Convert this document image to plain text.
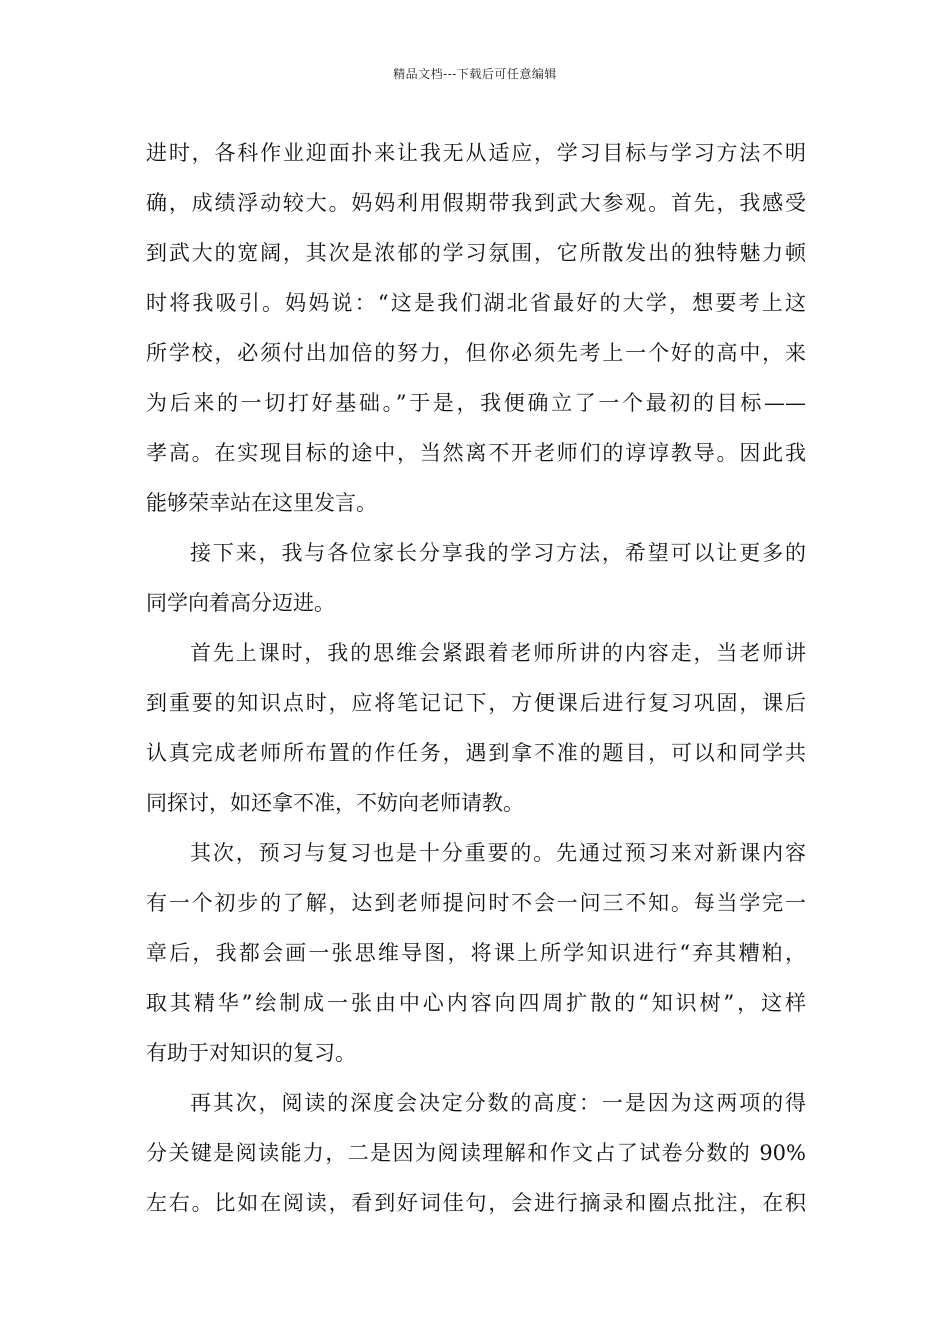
精品文档---下载后可任意编辑
进时，各科作业迎面扑来让我无从适应，学习目标与学习方法不明
确，成绩浮动较大。妈妈利用假期带我到武大参观。首先，我感受
到武大的宽阔，其次是浓郁的学习氛围，它所散发出的独特魅力顿
时将我吸引。妈妈说：“这是我们湖北省最好的大学，想要考上这
所学校，必须付出加倍的努力，但你必须先考上一个好的高中，来
为后来的一切打好基础。”于是，我便确立了一个最初的目标——
孝高。在实现目标的途中，当然离不开老师们的谆谆教导。因此我
能够荣幸站在这里发言。
接下来，我与各位家长分享我的学习方法，希望可以让更多的
同学向着高分迈进。
首先上课时，我的思维会紧跟着老师所讲的内容走，当老师讲
到重要的知识点时，应将笔记记下，方便课后进行复习巩固，课后
认真完成老师所布置的作任务，遇到拿不准的题目，可以和同学共
同探讨，如还拿不准，不妨向老师请教。
其次，预习与复习也是十分重要的。先通过预习来对新课内容
有一个初步的了解，达到老师提问时不会一问三不知。每当学完一
章后，我都会画一张思维导图，将课上所学知识进行“弃其糟粕，
取其精华”绘制成一张由中心内容向四周扩散的“知识树”，这样
有助于对知识的复习。
再其次，阅读的深度会决定分数的高度：一是因为这两项的得
分关键是阅读能力，二是因为阅读理解和作文占了试卷分数的 90%
左右。比如在阅读，看到好词佳句，会进行摘录和圈点批注，在积
